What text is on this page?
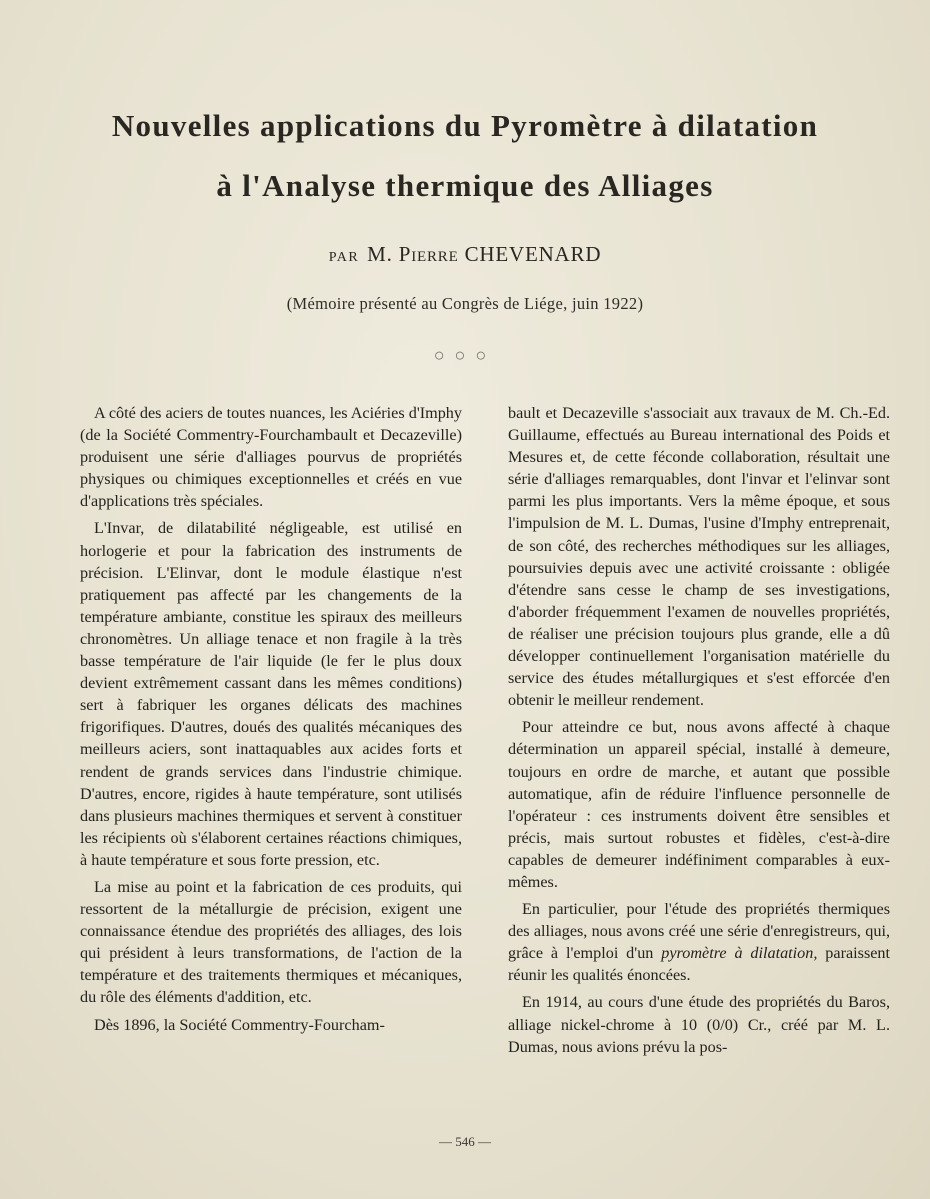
Nouvelles applications du Pyromètre à dilatation
à l'Analyse thermique des Alliages
PAR M. Pierre CHEVENARD
(Mémoire présenté au Congrès de Liége, juin 1922)
○○○

A côté des aciers de toutes nuances, les Aciéries d'Imphy (de la Société Commentry-Fourchambault et Decazeville) produisent une série d'alliages pourvus de propriétés physiques ou chimiques exceptionnelles et créés en vue d'applications très spéciales.

L'Invar, de dilatabilité négligeable, est utilisé en horlogerie et pour la fabrication des instruments de précision. L'Elinvar, dont le module élastique n'est pratiquement pas affecté par les changements de la température ambiante, constitue les spiraux des meilleurs chronomètres. Un alliage tenace et non fragile à la très basse température de l'air liquide (le fer le plus doux devient extrêmement cassant dans les mêmes conditions) sert à fabriquer les organes délicats des machines frigorifiques. D'autres, doués des qualités mécaniques des meilleurs aciers, sont inattaquables aux acides forts et rendent de grands services dans l'industrie chimique. D'autres, encore, rigides à haute température, sont utilisés dans plusieurs machines thermiques et servent à constituer les récipients où s'élaborent certaines réactions chimiques, à haute température et sous forte pression, etc.

La mise au point et la fabrication de ces produits, qui ressortent de la métallurgie de précision, exigent une connaissance étendue des propriétés des alliages, des lois qui président à leurs transformations, de l'action de la température et des traitements thermiques et mécaniques, du rôle des éléments d'addition, etc.

Dès 1896, la Société Commentry-Fourcham-

bault et Decazeville s'associait aux travaux de M. Ch.-Ed. Guillaume, effectués au Bureau international des Poids et Mesures et, de cette féconde collaboration, résultait une série d'alliages remarquables, dont l'invar et l'elinvar sont parmi les plus importants. Vers la même époque, et sous l'impulsion de M. L. Dumas, l'usine d'Imphy entreprenait, de son côté, des recherches méthodiques sur les alliages, poursuivies depuis avec une activité croissante : obligée d'étendre sans cesse le champ de ses investigations, d'aborder fréquemment l'examen de nouvelles propriétés, de réaliser une précision toujours plus grande, elle a dû développer continuellement l'organisation matérielle du service des études métallurgiques et s'est efforcée d'en obtenir le meilleur rendement.

Pour atteindre ce but, nous avons affecté à chaque détermination un appareil spécial, installé à demeure, toujours en ordre de marche, et autant que possible automatique, afin de réduire l'influence personnelle de l'opérateur : ces instruments doivent être sensibles et précis, mais surtout robustes et fidèles, c'est-à-dire capables de demeurer indéfiniment comparables à eux-mêmes.

En particulier, pour l'étude des propriétés thermiques des alliages, nous avons créé une série d'enregistreurs, qui, grâce à l'emploi d'un pyromètre à dilatation, paraissent réunir les qualités énoncées.

En 1914, au cours d'une étude des propriétés du Baros, alliage nickel-chrome à 10 (0/0) Cr., créé par M. L. Dumas, nous avions prévu la pos-

— 546 —
